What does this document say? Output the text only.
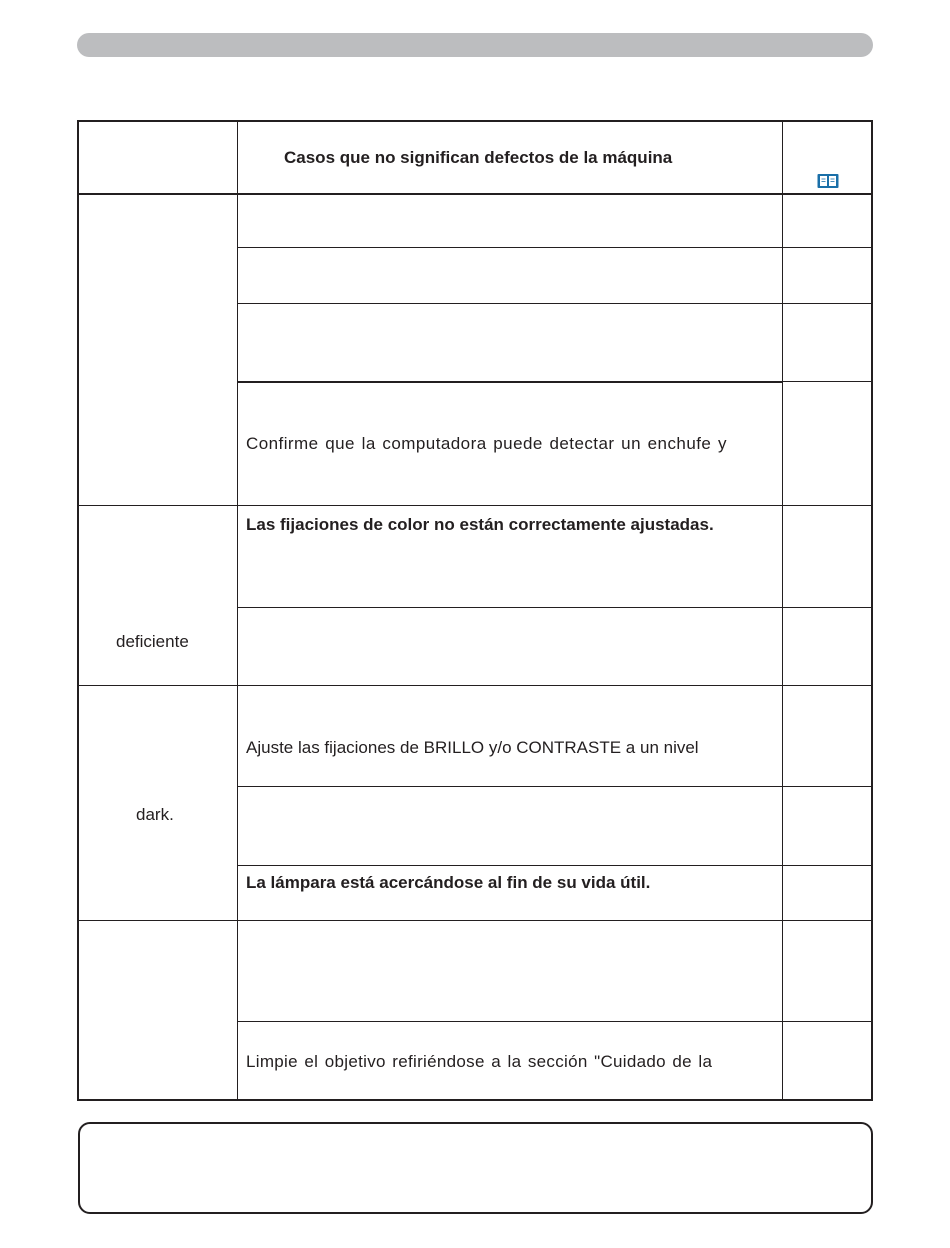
Casos que no significan defectos de la máquina
Confirme que la computadora puede detectar un enchufe y
Las fijaciones de color no están correctamente ajustadas.
deficiente
Ajuste las fijaciones de BRILLO y/o CONTRASTE a un nivel
dark.
La lámpara está acercándose al fin de su vida útil.
Limpie el objetivo refiriéndose a la sección "Cuidado de la
